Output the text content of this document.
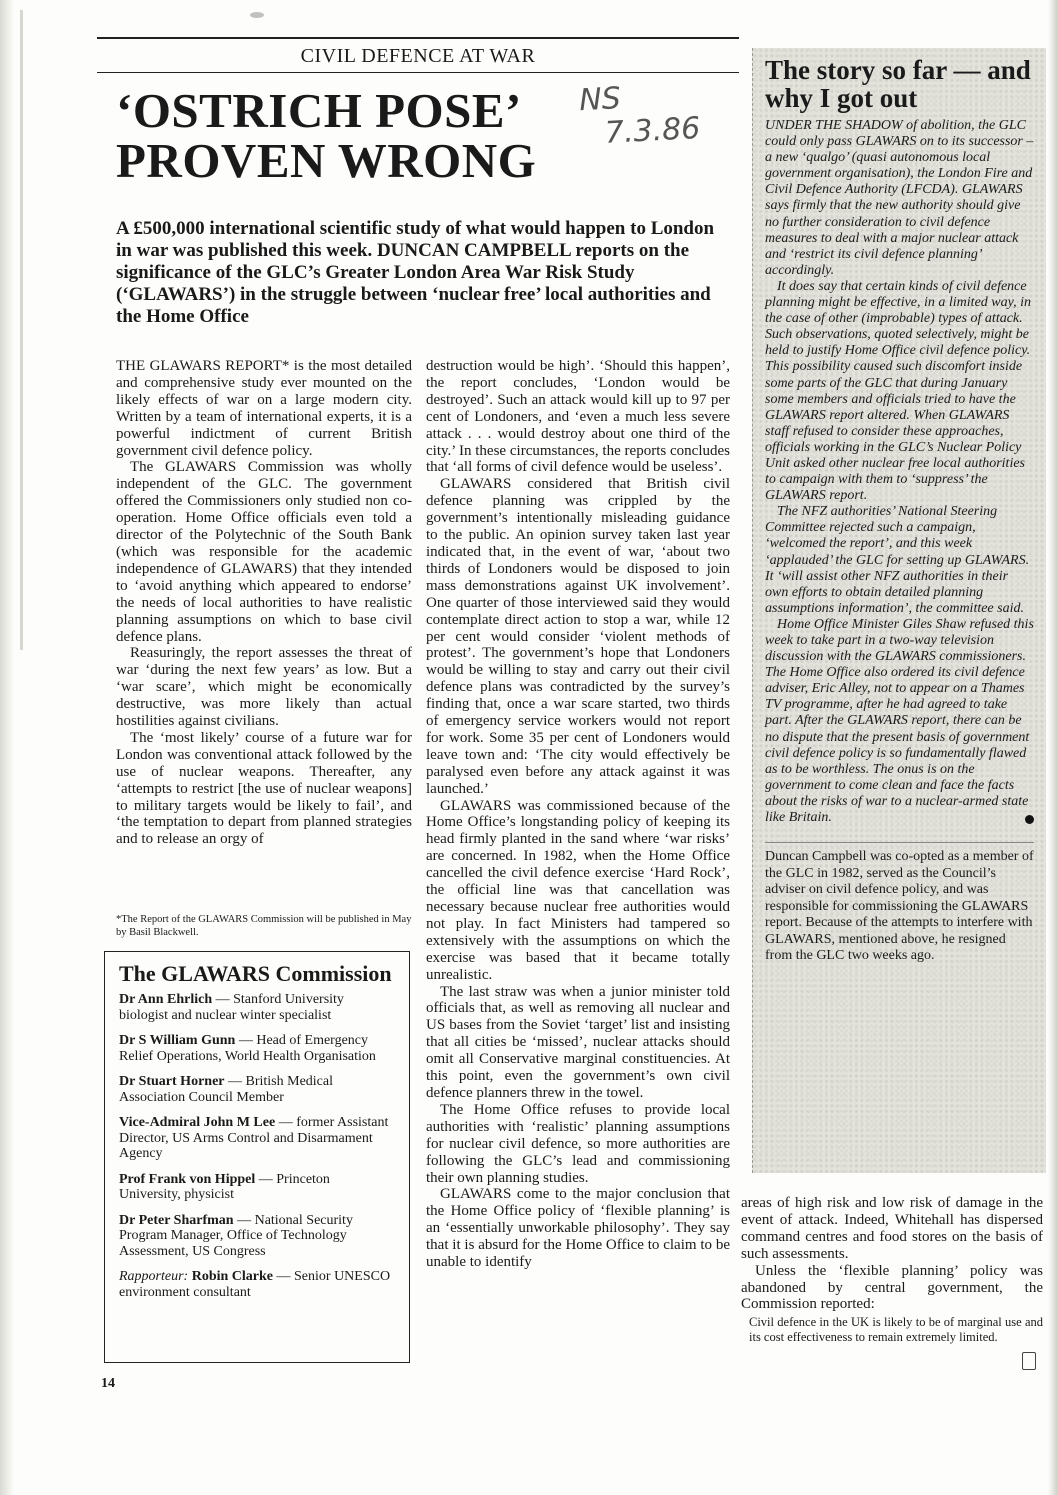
CIVIL DEFENCE AT WAR
‘OSTRICH POSE’
PROVEN WRONG
NS
7.3.86
A £500,000 international scientific study of what would happen to London in war was published this week. DUNCAN CAMPBELL reports on the significance of the GLC’s Greater London Area War Risk Study (‘GLAWARS’) in the struggle between ‘nuclear free’ local authorities and the Home Office

THE GLAWARS REPORT* is the most detailed and comprehensive study ever mounted on the likely effects of war on a large modern city. Written by a team of international experts, it is a powerful indictment of current British government civil defence policy.

The GLAWARS Commission was wholly independent of the GLC. The government offered the Commissioners only studied non co-operation. Home Office officials even told a director of the Polytechnic of the South Bank (which was responsible for the academic independence of GLAWARS) that they intended to ‘avoid anything which appeared to endorse’ the needs of local authorities to have realistic planning assumptions on which to base civil defence plans.

Reasuringly, the report assesses the threat of war ‘during the next few years’ as low. But a ‘war scare’, which might be economically destructive, was more likely than actual hostilities against civilians.

The ‘most likely’ course of a future war for London was conventional attack followed by the use of nuclear weapons. Thereafter, any ‘attempts to restrict [the use of nuclear weapons] to military targets would be likely to fail’, and ‘the temptation to depart from planned strategies and to release an orgy of

*The Report of the GLAWARS Commission will be published in May by Basil Blackwell.
The GLAWARS Commission

Dr Ann Ehrlich — Stanford University biologist and nuclear winter specialist

Dr S William Gunn — Head of Emergency Relief Operations, World Health Organisation

Dr Stuart Horner — British Medical Association Council Member

Vice-Admiral John M Lee — former Assistant Director, US Arms Control and Disarmament Agency

Prof Frank von Hippel — Princeton University, physicist

Dr Peter Sharfman — National Security Program Manager, Office of Technology Assessment, US Congress

Rapporteur: Robin Clarke — Senior UNESCO environment consultant

14

destruction would be high’. ‘Should this happen’, the report concludes, ‘London would be destroyed’. Such an attack would kill up to 97 per cent of Londoners, and ‘even a much less severe attack . . . would destroy about one third of the city.’ In these circumstances, the reports concludes that ‘all forms of civil defence would be useless’.

GLAWARS considered that British civil defence planning was crippled by the government’s intentionally misleading guidance to the public. An opinion survey taken last year indicated that, in the event of war, ‘about two thirds of Londoners would be disposed to join mass demonstrations against UK involvement’. One quarter of those interviewed said they would contemplate direct action to stop a war, while 12 per cent would consider ‘violent methods of protest’. The government’s hope that Londoners would be willing to stay and carry out their civil defence plans was contradicted by the survey’s finding that, once a war scare started, two thirds of emergency service workers would not report for work. Some 35 per cent of Londoners would leave town and: ‘The city would effectively be paralysed even before any attack against it was launched.’

GLAWARS was commissioned because of the Home Office’s longstanding policy of keeping its head firmly planted in the sand where ‘war risks’ are concerned. In 1982, when the Home Office cancelled the civil defence exercise ‘Hard Rock’, the official line was that cancellation was necessary because nuclear free authorities would not play. In fact Ministers had tampered so extensively with the assumptions on which the exercise was based that it became totally unrealistic.

The last straw was when a junior minister told officials that, as well as removing all nuclear and US bases from the Soviet ‘target’ list and insisting that all cities be ‘missed’, nuclear attacks should omit all Conservative marginal constituencies. At this point, even the government’s own civil defence planners threw in the towel.

The Home Office refuses to provide local authorities with ‘realistic’ planning assumptions for nuclear civil defence, so more authorities are following the GLC’s lead and commissioning their own planning studies.

GLAWARS come to the major conclusion that the Home Office policy of ‘flexible planning’ is an ‘essentially unworkable philosophy’. They say that it is absurd for the Home Office to claim to be unable to identify

The story so far — and why I got out

UNDER THE SHADOW of abolition, the GLC could only pass GLAWARS on to its successor – a new ‘qualgo’ (quasi autonomous local government organisation), the London Fire and Civil Defence Authority (LFCDA). GLAWARS says firmly that the new authority should give no further consideration to civil defence measures to deal with a major nuclear attack and ‘restrict its civil defence planning’ accordingly.

It does say that certain kinds of civil defence planning might be effective, in a limited way, in the case of other (improbable) types of attack. Such observations, quoted selectively, might be held to justify Home Office civil defence policy. This possibility caused such discomfort inside some parts of the GLC that during January some members and officials tried to have the GLAWARS report altered. When GLAWARS staff refused to consider these approaches, officials working in the GLC’s Nuclear Policy Unit asked other nuclear free local authorities to campaign with them to ‘suppress’ the GLAWARS report.

The NFZ authorities’ National Steering Committee rejected such a campaign, ‘welcomed the report’, and this week ‘applauded’ the GLC for setting up GLAWARS. It ‘will assist other NFZ authorities in their own efforts to obtain detailed planning assumptions information’, the committee said.

Home Office Minister Giles Shaw refused this week to take part in a two-way television discussion with the GLAWARS commissioners. The Home Office also ordered its civil defence adviser, Eric Alley, not to appear on a Thames TV programme, after he had agreed to take part. After the GLAWARS report, there can be no dispute that the present basis of government civil defence policy is so fundamentally flawed as to be worthless. The onus is on the government to come clean and face the facts about the risks of war to a nuclear-armed state like Britain.

Duncan Campbell was co-opted as a member of the GLC in 1982, served as the Council’s adviser on civil defence policy, and was responsible for commissioning the GLAWARS report. Because of the attempts to interfere with GLAWARS, mentioned above, he resigned from the GLC two weeks ago.

areas of high risk and low risk of damage in the event of attack. Indeed, Whitehall has dispersed command centres and food stores on the basis of such assessments.

Unless the ‘flexible planning’ policy was abandoned by central government, the Commission reported:

Civil defence in the UK is likely to be of marginal use and its cost effectiveness to remain extremely limited.
